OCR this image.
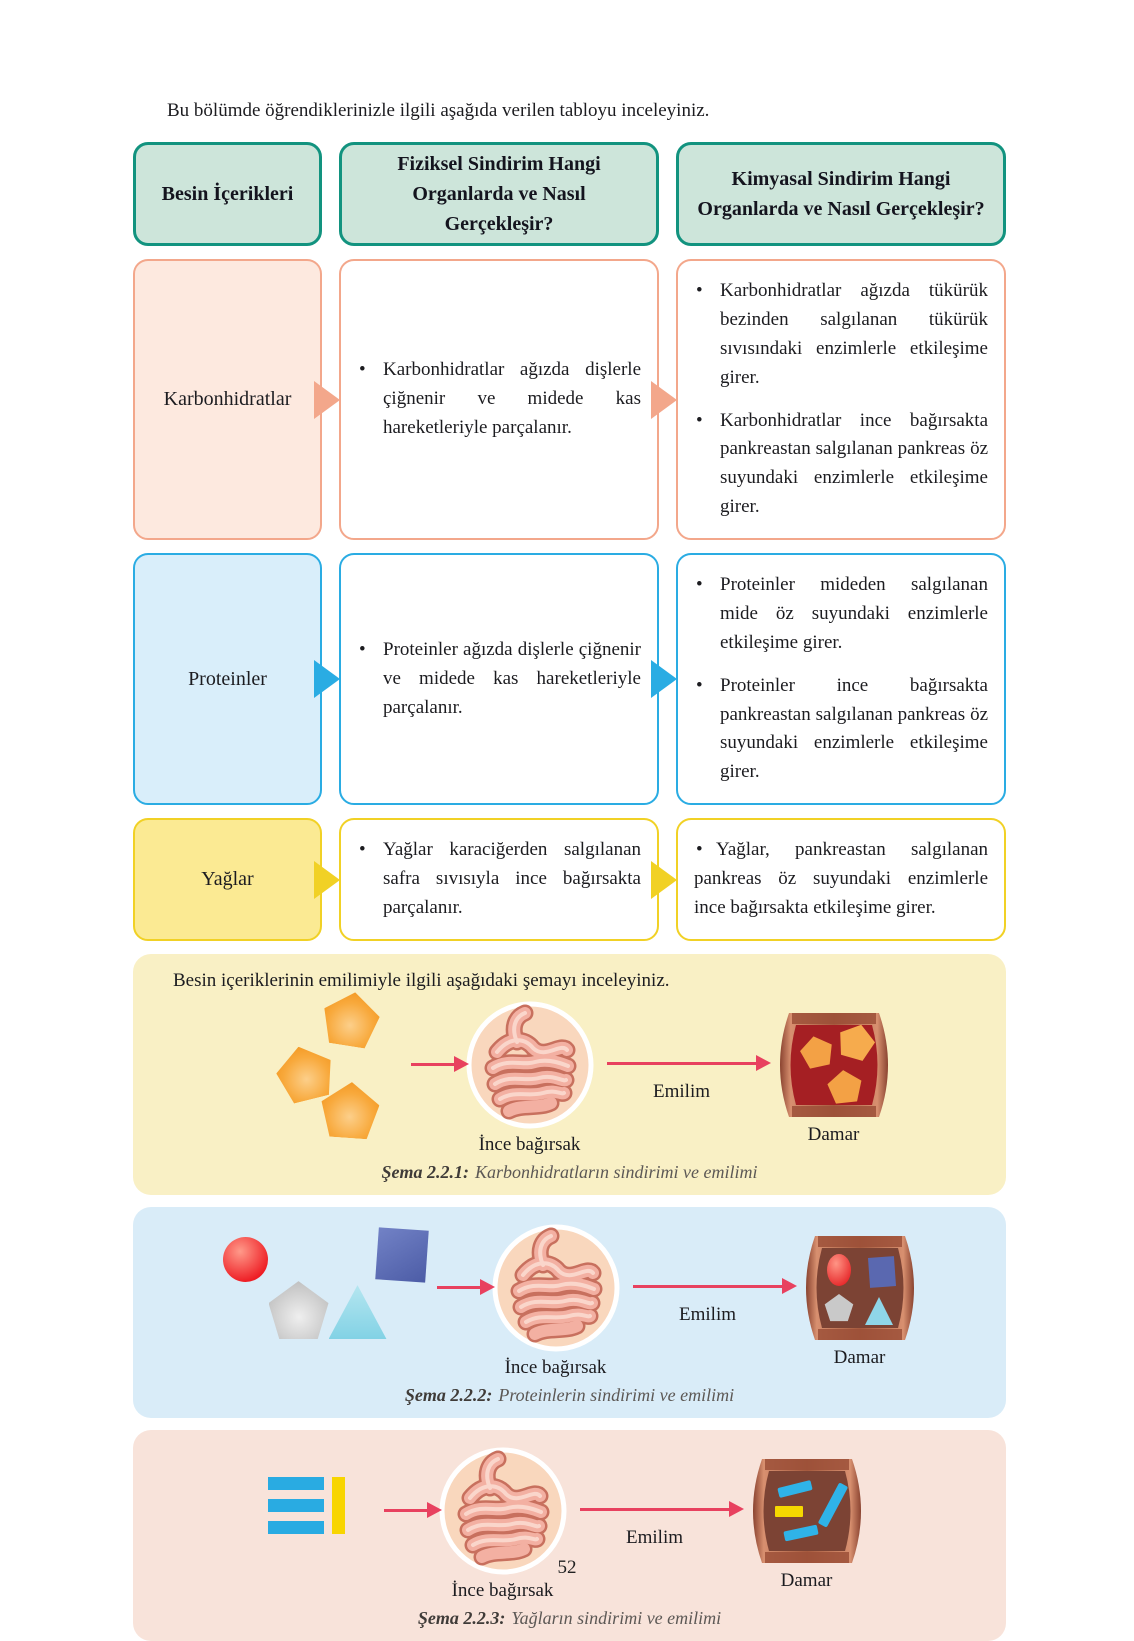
Bu bölümde öğrendiklerinizle ilgili aşağıda verilen tabloyu inceleyiniz.

Besin İçerikleri
Fiziksel Sindirim Hangi Organlarda ve Nasıl Gerçekleşir?
Kimyasal Sindirim Hangi Organlarda ve Nasıl Gerçekleşir?
Karbonhidratlar
• Karbonhidratlar ağızda dişlerle çiğnenir ve midede kas hareketleriyle parçalanır.
• Karbonhidratlar ağızda tükürük bezinden salgılanan tükürük sıvısındaki enzimlerle etkileşime girer.
• Karbonhidratlar ince bağırsakta pankreastan salgılanan pankreas öz suyundaki enzimlerle etkileşime girer.
Proteinler
• Proteinler ağızda dişlerle çiğnenir ve midede kas hareketleriyle parçalanır.
• Proteinler mideden salgılanan mide öz suyundaki enzimlerle etkileşime girer.
• Proteinler ince bağırsakta pankreastan salgılanan pankreas öz suyundaki enzimlerle etkileşime girer.
Yağlar
• Yağlar karaciğerden salgılanan safra sıvısıyla ince bağırsakta parçalanır.
• Yağlar, pankreastan salgılanan pankreas öz suyundaki enzimlerle ince bağırsakta etkileşime girer.

Besin içeriklerinin emilimiyle ilgili aşağıdaki şemayı inceleyiniz.

İnce bağırsak
Emilim
Damar

Şema 2.2.1: Karbonhidratların sindirimi ve emilimi

İnce bağırsak
Emilim
Damar

Şema 2.2.2: Proteinlerin sindirimi ve emilimi

İnce bağırsak
Emilim
Damar

Şema 2.2.3: Yağların sindirimi ve emilimi

52
